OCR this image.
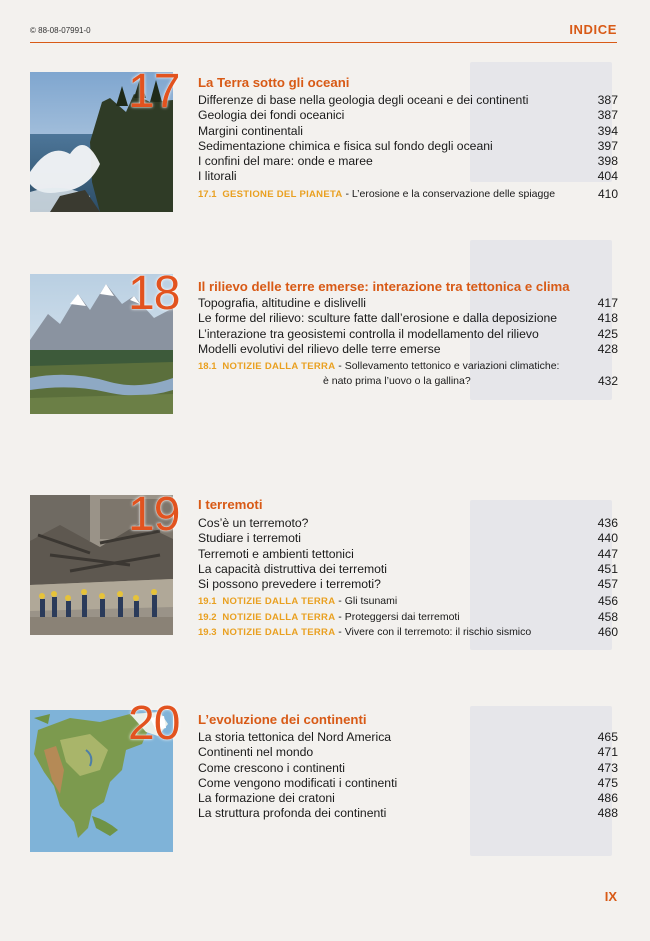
© 88-08-07991-0	INDICE
17 La Terra sotto gli oceani
Differenze di base nella geologia degli oceani e dei continenti	387
Geologia dei fondi oceanici	387
Margini continentali	394
Sedimentazione chimica e fisica sul fondo degli oceani	397
I confini del mare: onde e maree	398
I litorali	404
17.1 GESTIONE DEL PIANETA - L’erosione e la conservazione delle spiagge	410
18 Il rilievo delle terre emerse: interazione tra tettonica e clima
Topografia, altitudine e dislivelli	417
Le forme del rilievo: sculture fatte dall’erosione e dalla deposizione	418
L’interazione tra geosistemi controlla il modellamento del rilievo	425
Modelli evolutivi del rilievo delle terre emerse	428
18.1 NOTIZIE DALLA TERRA - Sollevamento tettonico e variazioni climatiche:
è nato prima l’uovo o la gallina?	432
19 I terremoti
Cos’è un terremoto?	436
Studiare i terremoti	440
Terremoti e ambienti tettonici	447
La capacità distruttiva dei terremoti	451
Si possono prevedere i terremoti?	457
19.1 NOTIZIE DALLA TERRA - Gli tsunami	456
19.2 NOTIZIE DALLA TERRA - Proteggersi dai terremoti	458
19.3 NOTIZIE DALLA TERRA - Vivere con il terremoto: il rischio sismico	460
20 L’evoluzione dei continenti
La storia tettonica del Nord America	465
Continenti nel mondo	471
Come crescono i continenti	473
Come vengono modificati i continenti	475
La formazione dei cratoni	486
La struttura profonda dei continenti	488
IX
